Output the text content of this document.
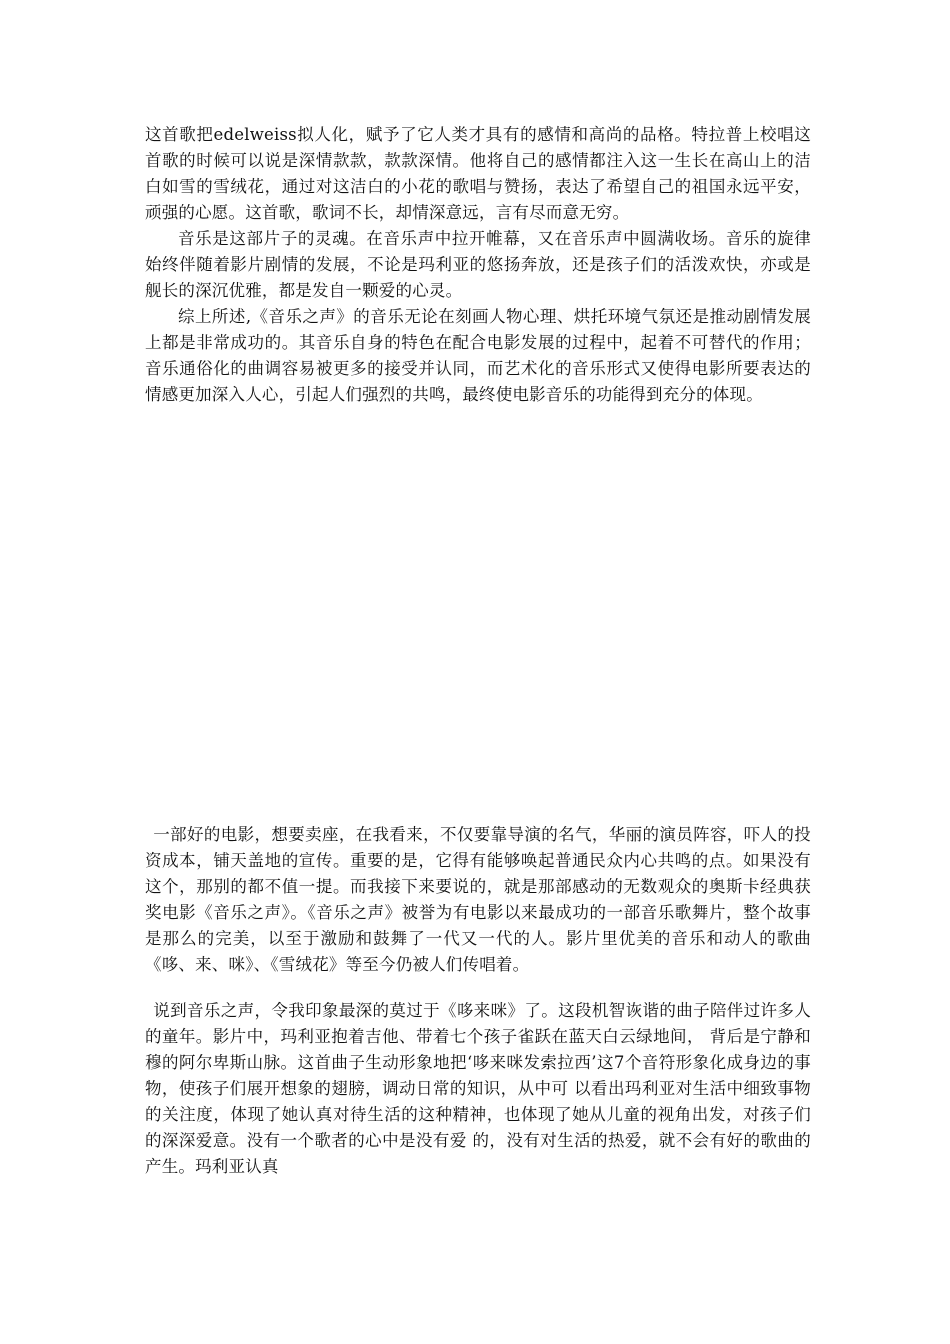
这首歌把edelweiss拟人化，赋予了它人类才具有的感情和高尚的品格。特拉普上校唱这首歌的时候可以说是深情款款，款款深情。他将自己的感情都注入这一生长在高山上的洁白如雪的雪绒花，通过对这洁白的小花的歌唱与赞扬，表达了希望自己的祖国永远平安，顽强的心愿。这首歌，歌词不长，却情深意远，言有尽而意无穷。

音乐是这部片子的灵魂。在音乐声中拉开帷幕，又在音乐声中圆满收场。音乐的旋律始终伴随着影片剧情的发展，不论是玛利亚的悠扬奔放，还是孩子们的活泼欢快，亦或是舰长的深沉优雅，都是发自一颗爱的心灵。

综上所述,《音乐之声》的音乐无论在刻画人物心理、烘托环境气氛还是推动剧情发展上都是非常成功的。其音乐自身的特色在配合电影发展的过程中，起着不可替代的作用；音乐通俗化的曲调容易被更多的接受并认同，而艺术化的音乐形式又使得电影所要表达的情感更加深入人心，引起人们强烈的共鸣，最终使电影音乐的功能得到充分的体现。

一部好的电影，想要卖座，在我看来，不仅要靠导演的名气，华丽的演员阵容，吓人的投资成本，铺天盖地的宣传。重要的是，它得有能够唤起普通民众内心共鸣的点。如果没有这个，那别的都不值一提。而我接下来要说的，就是那部感动的无数观众的奥斯卡经典获奖电影《音乐之声》。《音乐之声》被誉为有电影以来最成功的一部音乐歌舞片，整个故事是那么的完美，以至于激励和鼓舞了一代又一代的人。影片里优美的音乐和动人的歌曲《哆、来、咪》、《雪绒花》等至今仍被人们传唱着。

说到音乐之声，令我印象最深的莫过于《哆来咪》了。这段机智诙谐的曲子陪伴过许多人的童年。影片中，玛利亚抱着吉他、带着七个孩子雀跃在蓝天白云绿地间， 背后是宁静和穆的阿尔卑斯山脉。这首曲子生动形象地把‘哆来咪发索拉西’这7个音符形象化成身边的事物，使孩子们展开想象的翅膀，调动日常的知识，从中可 以看出玛利亚对生活中细致事物的关注度，体现了她认真对待生活的这种精神，也体现了她从儿童的视角出发，对孩子们的深深爱意。没有一个歌者的心中是没有爱 的，没有对生活的热爱，就不会有好的歌曲的产生。玛利亚认真
